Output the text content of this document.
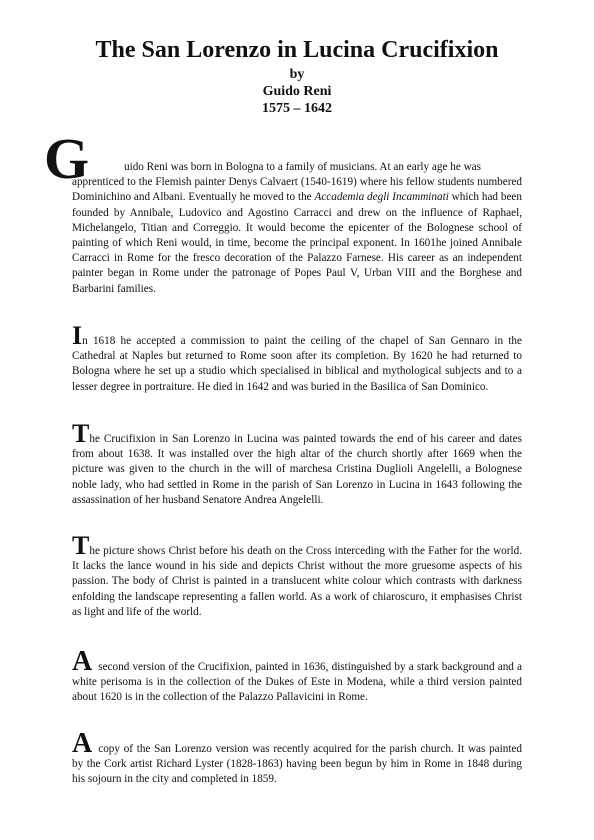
The San Lorenzo in Lucina Crucifixion
by
Guido Reni
1575 – 1642
G	uido Reni was born in Bologna to a family of musicians. At an early age he was
apprenticed to the Flemish painter Denys Calvaert (1540-1619) where his fellow students numbered Dominichino and Albani. Eventually he moved to the Accademia degli Incamminati which had been founded by Annibale, Ludovico and Agostino Carracci and drew on the influence of Raphael, Michelangelo, Titian and Correggio. It would become the epicenter of the Bolognese school of painting of which Reni would, in time, become the principal exponent. In 1601he joined Annibale Carracci in Rome for the fresco decoration of the Palazzo Farnese. His career as an independent painter began in Rome under the patronage of Popes Paul V, Urban VIII and the Borghese and Barbarini families.
In 1618 he accepted a commission to paint the ceiling of the chapel of San Gennaro in the Cathedral at Naples but returned to Rome soon after its completion. By 1620 he had returned to Bologna where he set up a studio which specialised in biblical and mythological subjects and to a lesser degree in portraiture. He died in 1642 and was buried in the Basilica of San Dominico.
The Crucifixion in San Lorenzo in Lucina was painted towards the end of his career and dates from about 1638. It was installed over the high altar of the church shortly after 1669 when the picture was given to the church in the will of marchesa Cristina Duglioli Angelelli, a Bolognese noble lady, who had settled in Rome in the parish of San Lorenzo in Lucina in 1643 following the assassination of her husband Senatore Andrea Angelelli.
The picture shows Christ before his death on the Cross interceding with the Father for the world. It lacks the lance wound in his side and depicts Christ without the more gruesome aspects of his passion. The body of Christ is painted in a translucent white colour which contrasts with darkness enfolding the landscape representing a fallen world. As a work of chiaroscuro, it emphasises Christ as light and life of the world.
Asecond version of the Crucifixion, painted in 1636, distinguished by a stark background and a white perisoma is in the collection of the Dukes of Este in Modena, while a third version painted about 1620 is in the collection of the Palazzo Pallavicini in Rome.
Acopy of the San Lorenzo version was recently acquired for the parish church. It was painted by the Cork artist Richard Lyster (1828-1863) having been begun by him in Rome in 1848 during his sojourn in the city and completed in 1859.
